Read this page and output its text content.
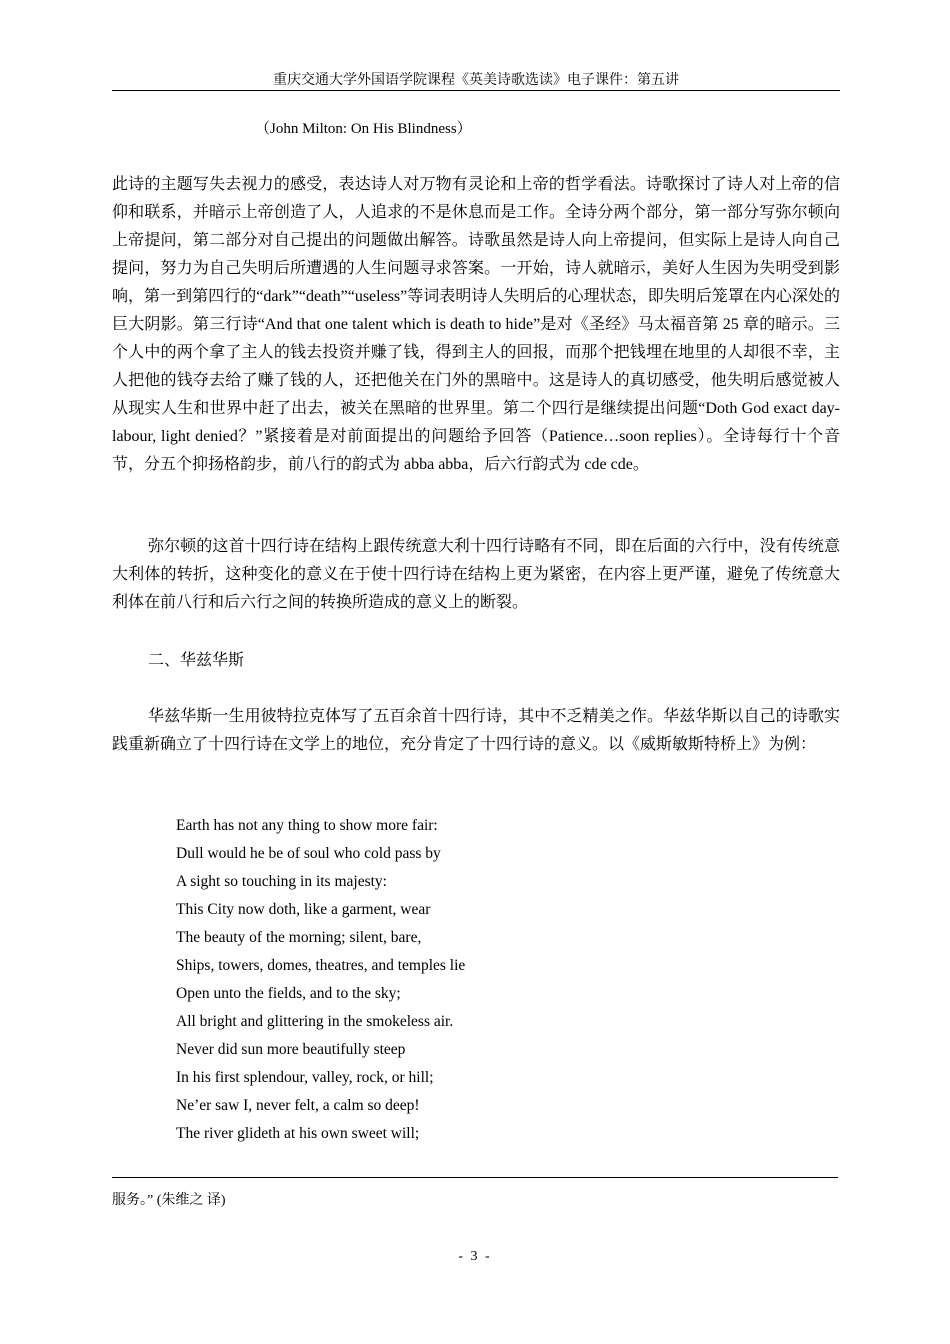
重庆交通大学外国语学院课程《英美诗歌选读》电子课件：第五讲
（John Milton: On His Blindness）

此诗的主题写失去视力的感受，表达诗人对万物有灵论和上帝的哲学看法。诗歌探讨了诗人对上帝的信仰和联系，并暗示上帝创造了人，人追求的不是休息而是工作。全诗分两个部分，第一部分写弥尔顿向上帝提问，第二部分对自己提出的问题做出解答。诗歌虽然是诗人向上帝提问，但实际上是诗人向自己提问，努力为自己失明后所遭遇的人生问题寻求答案。一开始，诗人就暗示，美好人生因为失明受到影响，第一到第四行的“dark”“death”“useless”等词表明诗人失明后的心理状态，即失明后笼罩在内心深处的巨大阴影。第三行诗“And that one talent which is death to hide”是对《圣经》马太福音第 25 章的暗示。三个人中的两个拿了主人的钱去投资并赚了钱，得到主人的回报，而那个把钱埋在地里的人却很不幸，主人把他的钱夺去给了赚了钱的人，还把他关在门外的黑暗中。这是诗人的真切感受，他失明后感觉被人从现实人生和世界中赶了出去，被关在黑暗的世界里。第二个四行是继续提出问题“Doth God exact day-labour, light denied？”紧接着是对前面提出的问题给予回答（Patience…soon replies）。全诗每行十个音节，分五个抑扬格韵步，前八行的韵式为 abba abba，后六行韵式为 cde cde。

弥尔顿的这首十四行诗在结构上跟传统意大利十四行诗略有不同，即在后面的六行中，没有传统意大利体的转折，这种变化的意义在于使十四行诗在结构上更为紧密，在内容上更严谨，避免了传统意大利体在前八行和后六行之间的转换所造成的意义上的断裂。

二、华兹华斯

华兹华斯一生用彼特拉克体写了五百余首十四行诗，其中不乏精美之作。华兹华斯以自己的诗歌实践重新确立了十四行诗在文学上的地位，充分肯定了十四行诗的意义。以《威斯敏斯特桥上》为例：

Earth has not any thing to show more fair:
Dull would he be of soul who cold pass by
A sight so touching in its majesty:
This City now doth, like a garment, wear
The beauty of the morning; silent, bare,
Ships, towers, domes, theatres, and temples lie
Open unto the fields, and to the sky;
All bright and glittering in the smokeless air.
Never did sun more beautifully steep
In his first splendour, valley, rock, or hill;
Ne’er saw I, never felt, a calm so deep!
The river glideth at his own sweet will;
服务。” (朱维之 译)
- 3 -
